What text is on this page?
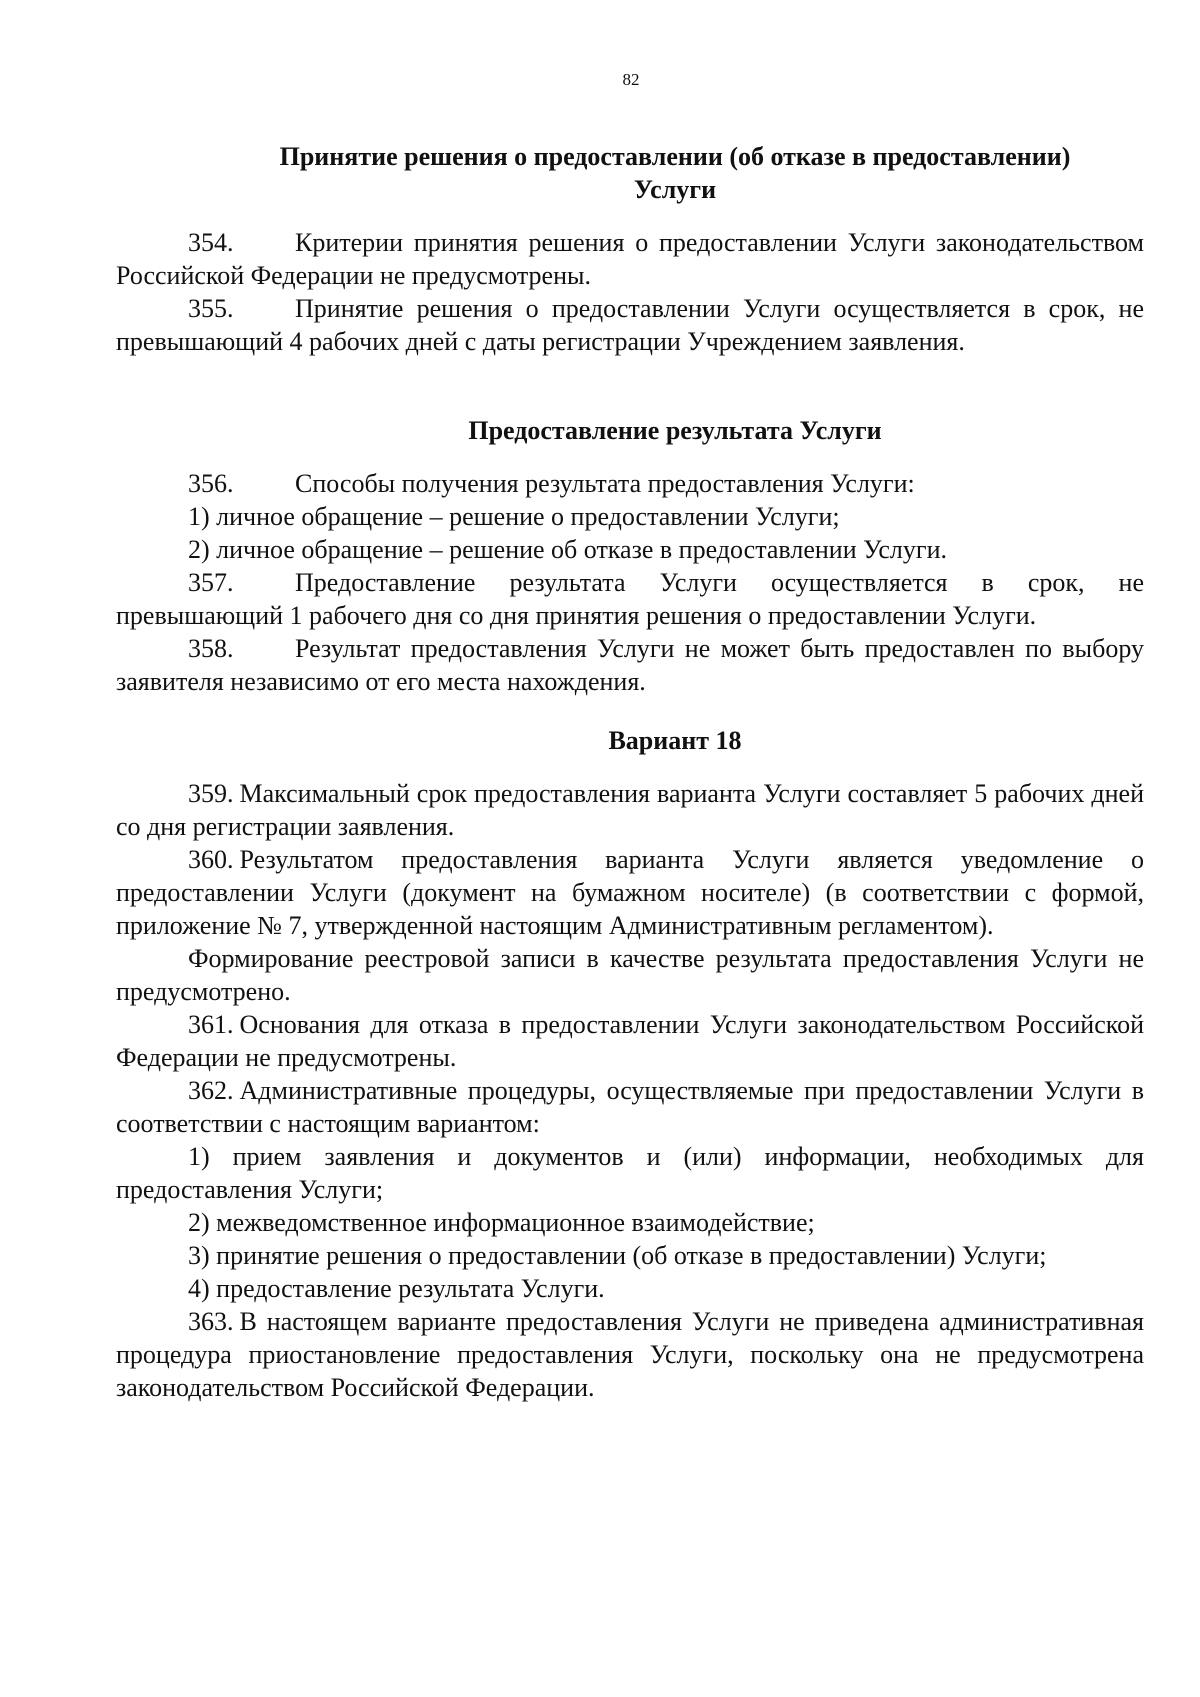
82
Принятие решения о предоставлении (об отказе в предоставлении)
Услуги

354. Критерии принятия решения о предоставлении Услуги законодательством Российской Федерации не предусмотрены.

355. Принятие решения о предоставлении Услуги осуществляется в срок, не превышающий 4 рабочих дней с даты регистрации Учреждением заявления.

Предоставление результата Услуги

356. Способы получения результата предоставления Услуги:

1) личное обращение – решение о предоставлении Услуги;

2) личное обращение – решение об отказе в предоставлении Услуги.

357. Предоставление результата Услуги осуществляется в срок, не превышающий 1 рабочего дня со дня принятия решения о предоставлении Услуги.

358. Результат предоставления Услуги не может быть предоставлен по выбору заявителя независимо от его места нахождения.

Вариант 18

359. Максимальный срок предоставления варианта Услуги составляет 5 рабочих дней со дня регистрации заявления.

360. Результатом предоставления варианта Услуги является уведомление о предоставлении Услуги (документ на бумажном носителе) (в соответствии с формой, приложение № 7, утвержденной настоящим Административным регламентом).

Формирование реестровой записи в качестве результата предоставления Услуги не предусмотрено.

361. Основания для отказа в предоставлении Услуги законодательством Российской Федерации не предусмотрены.

362. Административные процедуры, осуществляемые при предоставлении Услуги в соответствии с настоящим вариантом:

1) прием заявления и документов и (или) информации, необходимых для предоставления Услуги;

2) межведомственное информационное взаимодействие;

3) принятие решения о предоставлении (об отказе в предоставлении) Услуги;

4) предоставление результата Услуги.

363. В настоящем варианте предоставления Услуги не приведена административная процедура приостановление предоставления Услуги, поскольку она не предусмотрена законодательством Российской Федерации.
